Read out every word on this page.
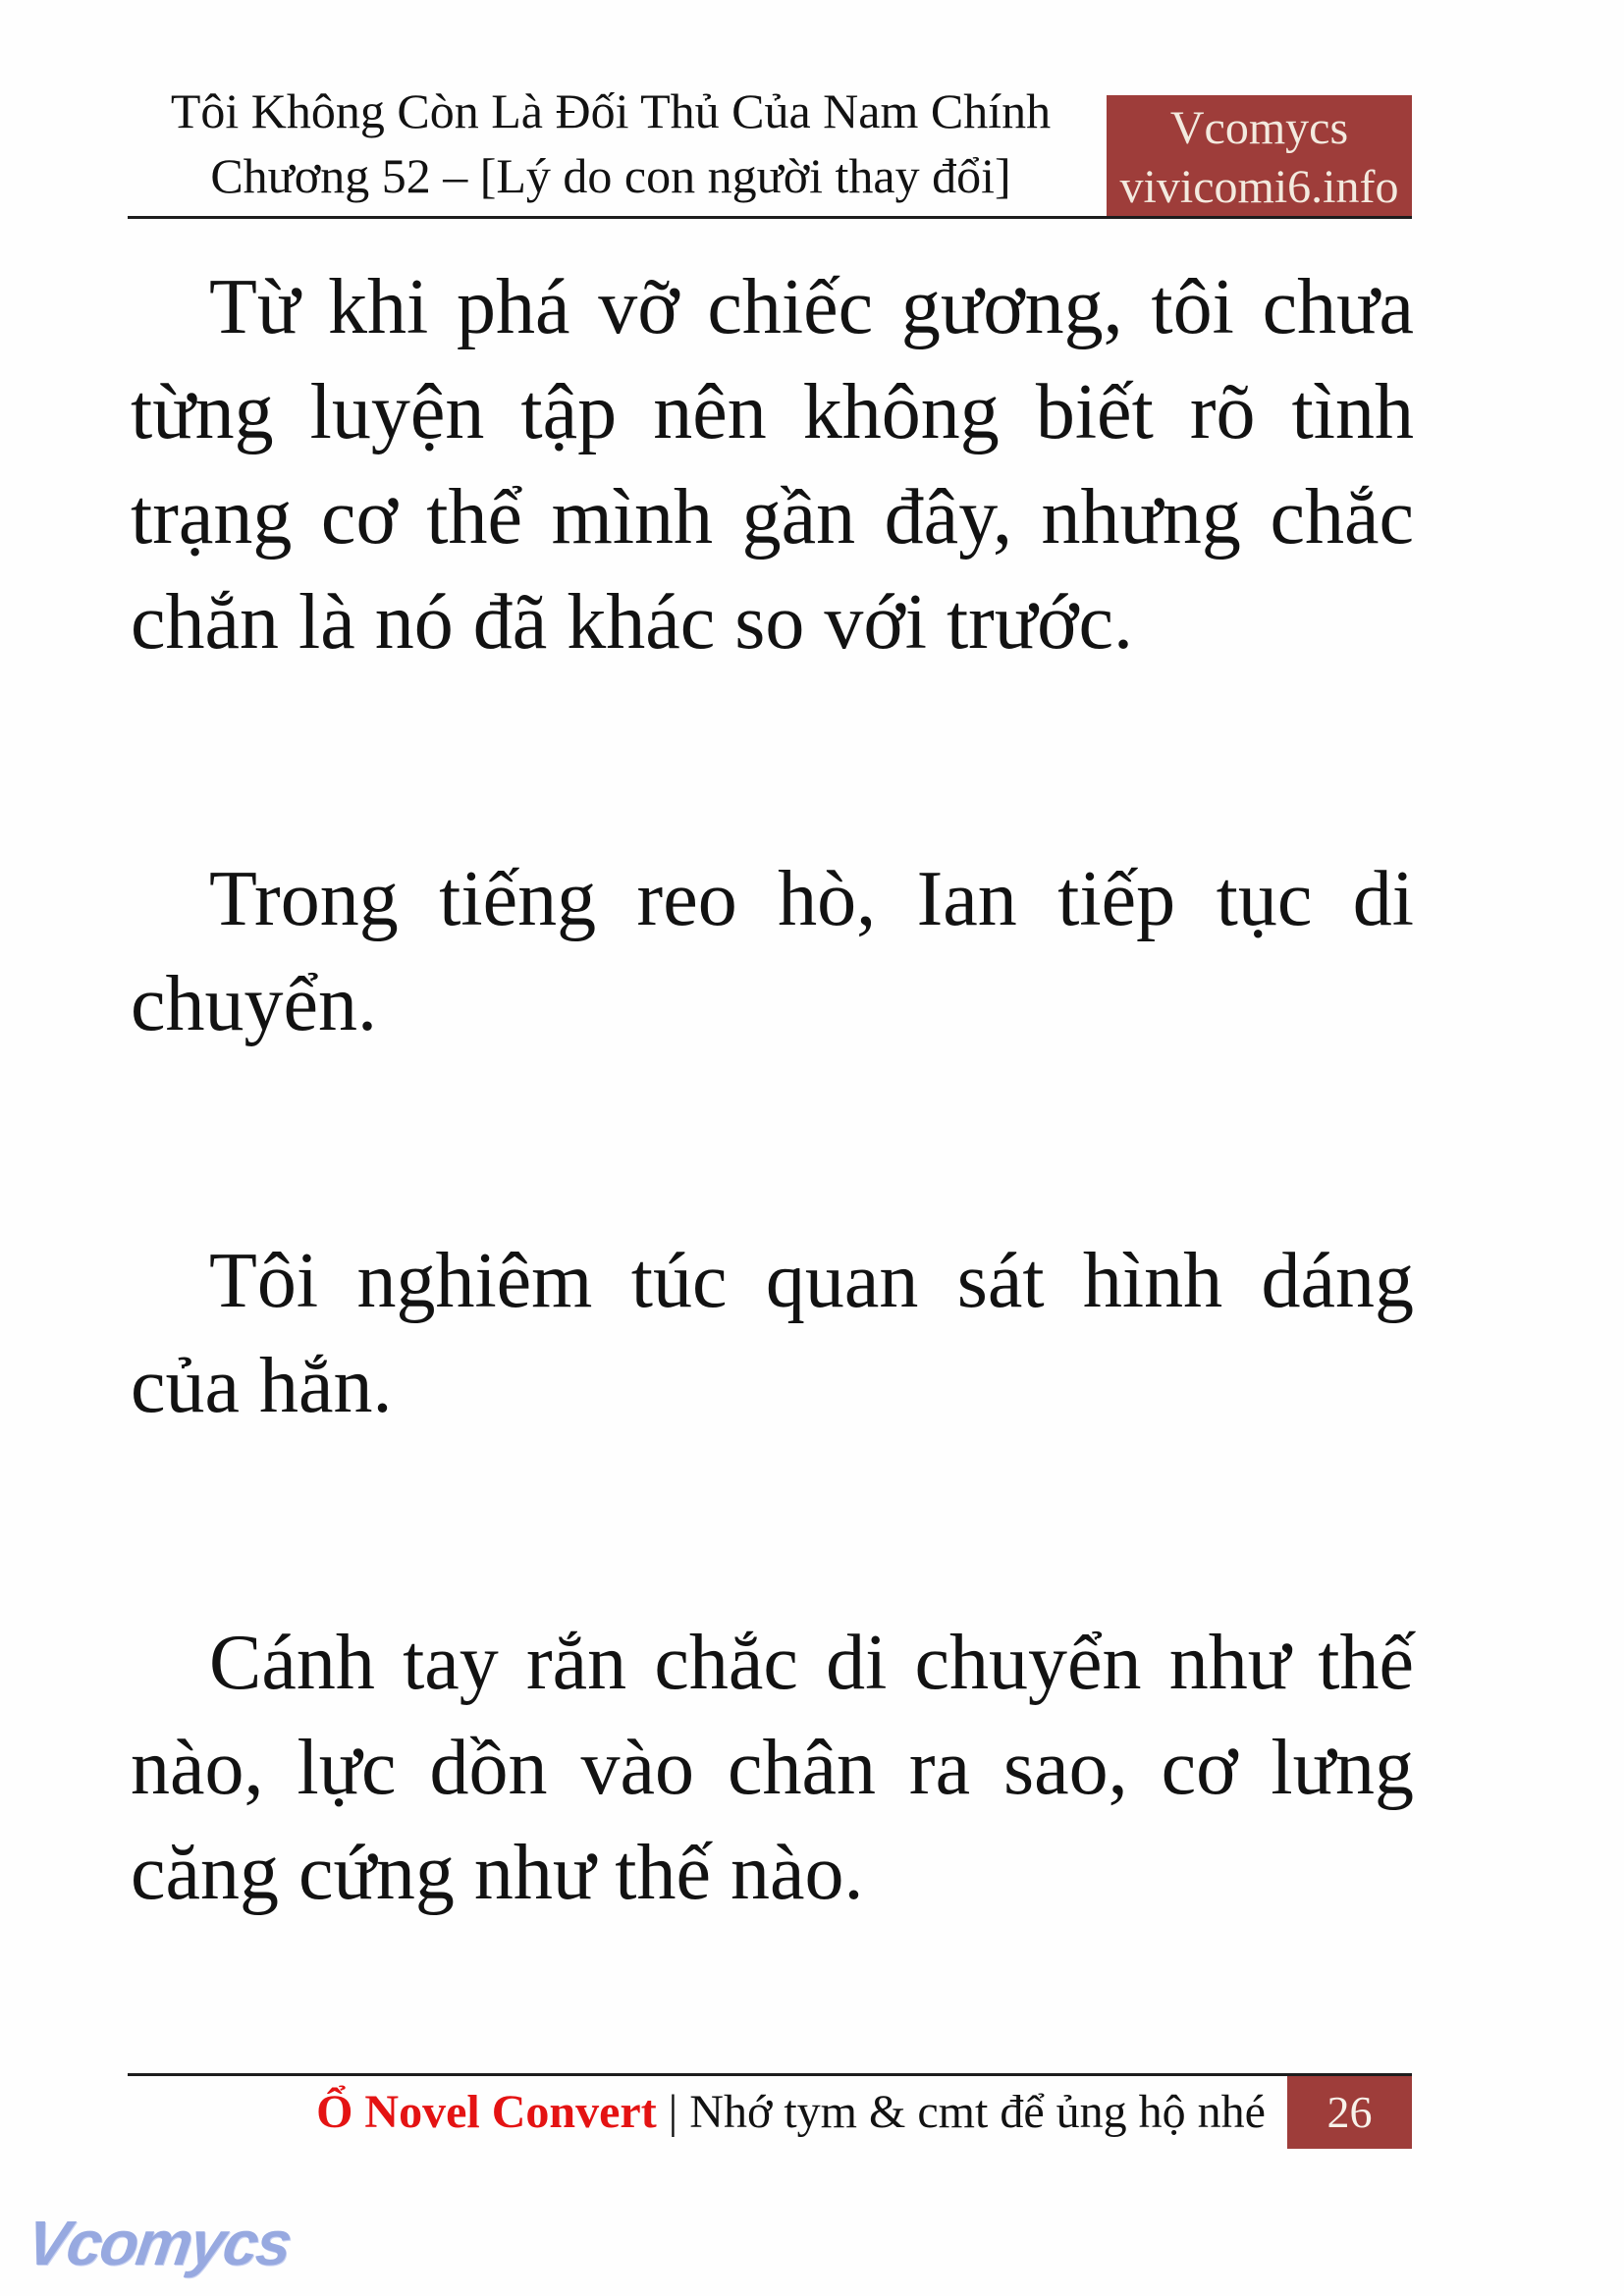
Tôi Không Còn Là Đối Thủ Của Nam Chính
Chương 52 – [Lý do con người thay đổi]
Vcomycs
vivicomi6.info

Từ khi phá vỡ chiếc gương, tôi chưa từng luyện tập nên không biết rõ tình trạng cơ thể mình gần đây, nhưng chắc chắn là nó đã khác so với trước.

Trong tiếng reo hò, Ian tiếp tục di chuyển.

Tôi nghiêm túc quan sát hình dáng của hắn.

Cánh tay rắn chắc di chuyển như thế nào, lực dồn vào chân ra sao, cơ lưng căng cứng như thế nào.

Ổ Novel Convert | Nhớ tym & cmt để ủng hộ nhé	26
Vcomycs
